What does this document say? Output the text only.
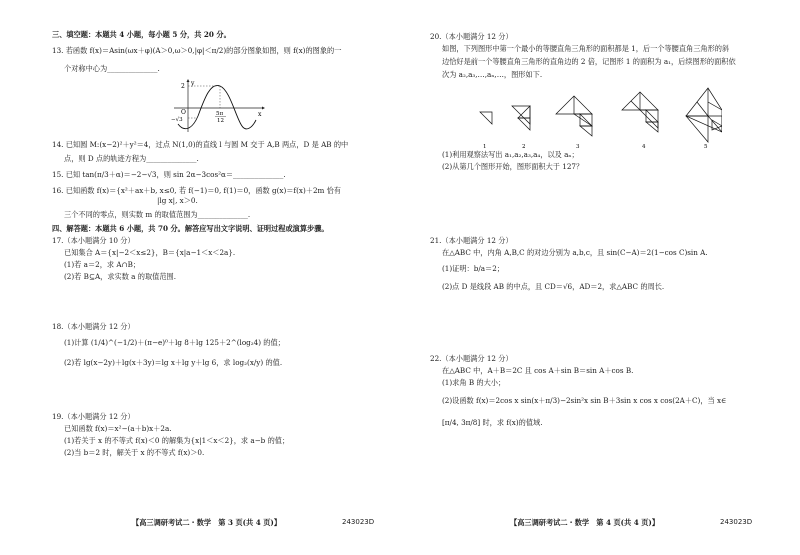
三、填空题：本题共 4 小题，每小题 5 分，共 20 分。
13. 若函数 f(x)＝Asin(ωx＋φ)(A＞0,ω＞0,|φ|＜π/2)的部分图象如图，则 f(x)的图象的一
个对称中心为______________.
2
O
−√3
5π
12
x
y
14. 已知圆 M:(x−2)²＋y²＝4，过点 N(1,0)的直线 l 与圆 M 交于 A,B 两点，D 是 AB 的中
点，则 D 点的轨迹方程为______________.
15. 已知 tan(π/3＋α)＝−2−√3，则 sin 2α−3cos²α＝______________.
16. 已知函数 f(x)＝{x²＋ax＋b, x≤0, 若 f(−1)＝0, f(1)＝0，函数 g(x)＝f(x)＋2m 恰有
|lg x|, x＞0.
三个不同的零点，则实数 m 的取值范围为______________.
四、解答题：本题共 6 小题，共 70 分。解答应写出文字说明、证明过程或演算步骤。
17.（本小题满分 10 分）
已知集合 A＝{x|−2＜x≤2}，B＝{x|a−1＜x＜2a}.
(1)若 a＝2，求 A∩B；
(2)若 B⊆A，求实数 a 的取值范围.
18.（本小题满分 12 分）
(1)计算 (1/4)^(−1/2)＋(π−e)⁰＋lg 8＋lg 125＋2^(log₂4) 的值；
(2)若 lg(x−2y)＋lg(x＋3y)＝lg x＋lg y＋lg 6，求 log₂(x/y) 的值.
19.（本小题满分 12 分）
已知函数 f(x)＝x²−(a＋b)x＋2a.
(1)若关于 x 的不等式 f(x)＜0 的解集为{x|1＜x＜2}，求 a−b 的值；
(2)当 b＝2 时，解关于 x 的不等式 f(x)＞0.
【高三调研考试二・数学　第 3 页(共 4 页)】	243023D
20.（本小题满分 12 分）
如图，下列图形中第一个最小的等腰直角三角形的面积都是 1，后一个等腰直角三角形的斜
边恰好是前一个等腰直角三角形的直角边的 2 倍，记图形 1 的面积为 a₁，后续图形的面积依
次为 a₂,a₃,…,aₙ,…，图形如下.
1	2	3	4	5
(1)利用观察法写出 a₁,a₂,a₃,a₄，以及 aₙ；
(2)从第几个图形开始，图形面积大于 127？
21.（本小题满分 12 分）
在△ABC 中，内角 A,B,C 的对边分别为 a,b,c，且 sin(C−A)＝2(1−cos C)sin A.
(1)证明：b/a＝2；
(2)点 D 是线段 AB 的中点，且 CD＝√6，AD＝2，求△ABC 的周长.
22.（本小题满分 12 分）
在△ABC 中，A＋B＝2C 且 cos A＋sin B＝sin A＋cos B.
(1)求角 B 的大小；
(2)设函数 f(x)＝2cos x sin(x＋π/3)−2sin²x sin B＋3sin x cos x cos(2A＋C)，当 x∈
[π/4, 3π/8] 时，求 f(x)的值域.
【高三调研考试二・数学　第 4 页(共 4 页)】	243023D
